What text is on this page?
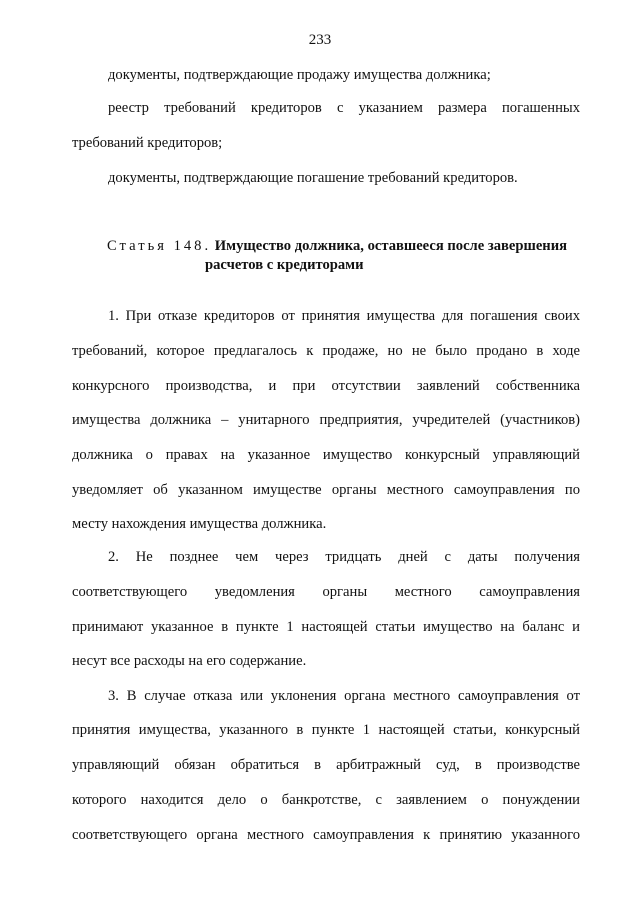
233
документы, подтверждающие продажу имущества должника;
реестр требований кредиторов с указанием размера погашенных
требований кредиторов;
документы, подтверждающие погашение требований кредиторов.
Статья 148. Имущество должника, оставшееся после завершения
расчетов с кредиторами
1. При отказе кредиторов от принятия имущества для погашения своих
требований, которое предлагалось к продаже, но не было продано в ходе
конкурсного производства, и при отсутствии заявлений собственника
имущества должника – унитарного предприятия, учредителей (участников)
должника о правах на указанное имущество конкурсный управляющий
уведомляет об указанном имуществе органы местного самоуправления по
месту нахождения имущества должника.
2. Не позднее чем через тридцать дней с даты получения
соответствующего уведомления органы местного самоуправления
принимают указанное в пункте 1 настоящей статьи имущество на баланс и
несут все расходы на его содержание.
3. В случае отказа или уклонения органа местного самоуправления от
принятия имущества, указанного в пункте 1 настоящей статьи, конкурсный
управляющий обязан обратиться в арбитражный суд, в производстве
которого находится дело о банкротстве, с заявлением о понуждении
соответствующего органа местного самоуправления к принятию указанного
